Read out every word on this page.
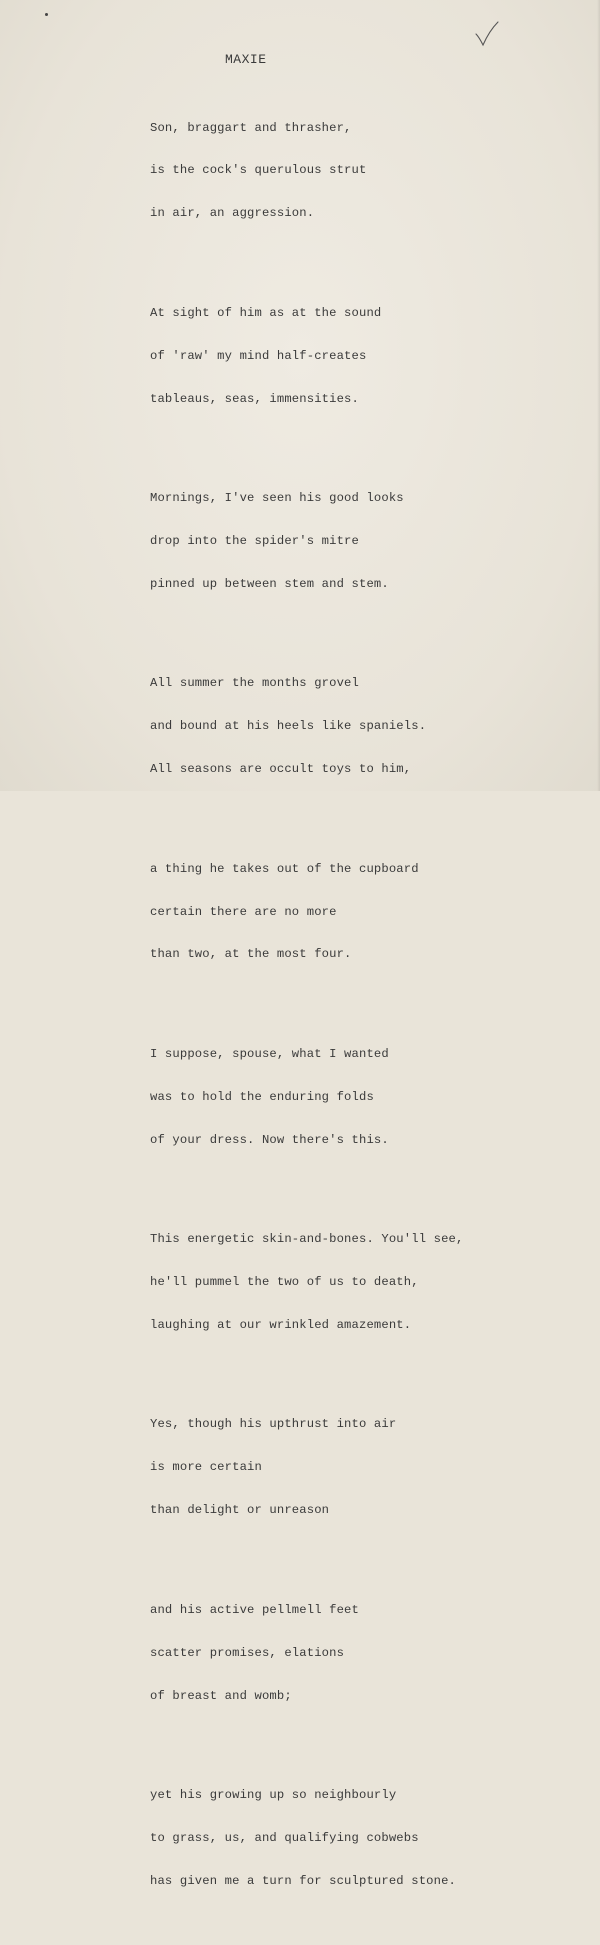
MAXIE

Son, braggart and thrasher,

is the cock's querulous strut

in air, an aggression.

At sight of him as at the sound

of 'raw' my mind half-creates

tableaus, seas, immensities.

Mornings, I've seen his good looks

drop into the spider's mitre

pinned up between stem and stem.

All summer the months grovel

and bound at his heels like spaniels.

All seasons are occult toys to him,

a thing he takes out of the cupboard

certain there are no more

than two, at the most four.

I suppose, spouse, what I wanted

was to hold the enduring folds

of your dress. Now there's this.

This energetic skin-and-bones. You'll see,

he'll pummel the two of us to death,

laughing at our wrinkled amazement.

Yes, though his upthrust into air

is more certain

than delight or unreason

and his active pellmell feet

scatter promises, elations

of breast and womb;

yet his growing up so neighbourly

to grass, us, and qualifying cobwebs

has given me a turn for sculptured stone.
